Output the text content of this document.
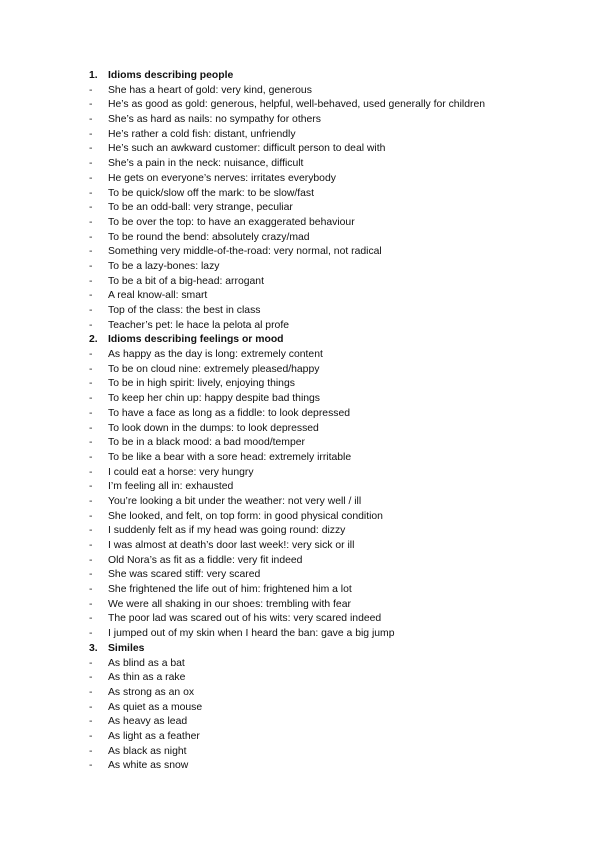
1. Idioms describing people
-	She has a heart of gold: very kind, generous
-	He’s as good as gold: generous, helpful, well-behaved, used generally for children
-	She’s as hard as nails: no sympathy for others
-	He’s rather a cold fish: distant, unfriendly
-	He’s such an awkward customer: difficult person to deal with
-	She’s a pain in the neck: nuisance, difficult
-	He gets on everyone’s nerves: irritates everybody
-	To be quick/slow off the mark: to be slow/fast
-	To be an odd-ball: very strange, peculiar
-	To be over the top: to have an exaggerated behaviour
-	To be round the bend: absolutely crazy/mad
-	Something very middle-of-the-road: very normal, not radical
-	To be a lazy-bones: lazy
-	To be a bit of a big-head: arrogant
-	A real know-all: smart
-	Top of the class: the best in class
-	Teacher’s pet: le hace la pelota al profe
2. Idioms describing feelings or mood
-	As happy as the day is long: extremely content
-	To be on cloud nine: extremely pleased/happy
-	To be in high spirit: lively, enjoying things
-	To keep her chin up: happy despite bad things
-	To have a face as long as a fiddle: to look depressed
-	To look down in the dumps: to look depressed
-	To be in a black mood: a bad mood/temper
-	To be like a bear with a sore head: extremely irritable
-	I could eat a horse: very hungry
-	I’m feeling all in: exhausted
-	You’re looking a bit under the weather: not very well / ill
-	She looked, and felt, on top form: in good physical condition
-	I suddenly felt as if my head was going round: dizzy
-	I was almost at death’s door last week!: very sick or ill
-	Old Nora’s as fit as a fiddle: very fit indeed
-	She was scared stiff: very scared
-	She frightened the life out of him: frightened him a lot
-	We were all shaking in our shoes: trembling with fear
-	The poor lad was scared out of his wits: very scared indeed
-	I jumped out of my skin when I heard the ban: gave a big jump
3. Similes
-	As blind as a bat
-	As thin as a rake
-	As strong as an ox
-	As quiet as a mouse
-	As heavy as lead
-	As light as a feather
-	As black as night
-	As white as snow
